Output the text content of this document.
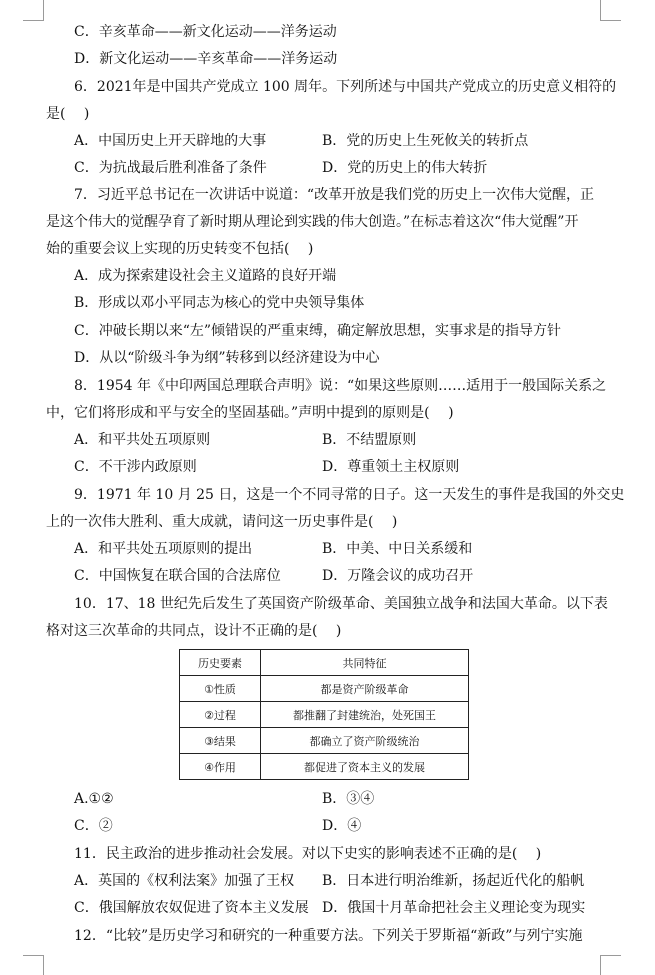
C．辛亥革命——新文化运动——洋务运动
D．新文化运动——辛亥革命——洋务运动
6．2021年是中国共产党成立 100 周年。下列所述与中国共产党成立的历史意义相符的
是(　 )
A．中国历史上开天辟地的大事	B．党的历史上生死攸关的转折点
C．为抗战最后胜利准备了条件	D．党的历史上的伟大转折
7．习近平总书记在一次讲话中说道：“改革开放是我们党的历史上一次伟大觉醒，正
是这个伟大的觉醒孕育了新时期从理论到实践的伟大创造。”在标志着这次“伟大觉醒”开
始的重要会议上实现的历史转变不包括(　 )
A．成为探索建设社会主义道路的良好开端
B．形成以邓小平同志为核心的党中央领导集体
C．冲破长期以来“左”倾错误的严重束缚，确定解放思想，实事求是的指导方针
D．从以“阶级斗争为纲”转移到以经济建设为中心
8．1954 年《中印两国总理联合声明》说：“如果这些原则……适用于一般国际关系之
中，它们将形成和平与安全的坚固基础。”声明中提到的原则是(　 )
A．和平共处五项原则	B．不结盟原则
C．不干涉内政原则	D．尊重领土主权原则
9．1971 年 10 月 25 日，这是一个不同寻常的日子。这一天发生的事件是我国的外交史
上的一次伟大胜利、重大成就，请问这一历史事件是(　 )
A．和平共处五项原则的提出	B．中美、中日关系缓和
C．中国恢复在联合国的合法席位	D．万隆会议的成功召开
10．17、18 世纪先后发生了英国资产阶级革命、美国独立战争和法国大革命。以下表
格对这三次革命的共同点，设计不正确的是(　 )
历史要素	共同特征
①性质	都是资产阶级革命
②过程	都推翻了封建统治，处死国王
③结果	都确立了资产阶级统治
④作用	都促进了资本主义的发展
A.①②	B．③④
C．②	D．④
11．民主政治的进步推动社会发展。对以下史实的影响表述不正确的是(　 )
A．英国的《权利法案》加强了王权 B．日本进行明治维新，扬起近代化的船帆
C．俄国解放农奴促进了资本主义发展 D．俄国十月革命把社会主义理论变为现实
12．“比较”是历史学习和研究的一种重要方法。下列关于罗斯福“新政”与列宁实施
